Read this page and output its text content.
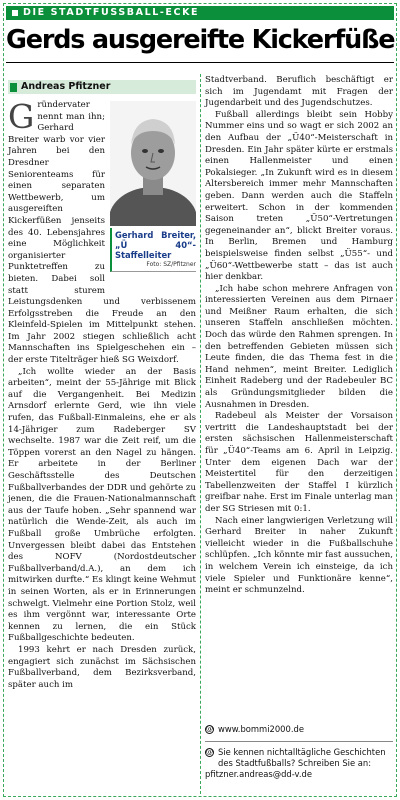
DIE STADTFUSSBALL-ECKE
Gerds ausgereifte Kickerfüße
Andreas Pfitzner
Gerhard Breiter, „Ü 40“-Staffelleiter
Foto: SZ/Pfitzner

Gründervater nennt man ihn; Gerhard Breiter warb vor vier Jahren bei den Dresdner Seniorenteams für einen separaten Wettbewerb, um ausgereiften Kickerfüßen jenseits des 40. Lebensjahres eine Möglichkeit organisierter Punktetreffen zu bieten. Dabei soll statt sturem Leistungsdenken und verbissenem Erfolgsstreben die Freude an den Kleinfeld-Spielen im Mittelpunkt stehen. Im Jahr 2002 stiegen schließlich acht Mannschaften ins Spielgeschehen ein – der erste Titelträger hieß SG Weixdorf.

„Ich wollte wieder an der Basis arbeiten“, meint der 55-Jährige mit Blick auf die Vergangenheit. Bei Medizin Arnsdorf erlernte Gerd, wie ihn viele rufen, das Fußball-Einmaleins, ehe er als 14-Jähriger zum Radeberger SV wechselte. 1987 war die Zeit reif, um die Töppen vorerst an den Nagel zu hängen. Er arbeitete in der Berliner Geschäftsstelle des Deutschen Fußballverbandes der DDR und gehörte zu jenen, die die Frauen-Nationalmannschaft aus der Taufe hoben. „Sehr spannend war natürlich die Wende-Zeit, als auch im Fußball große Umbrüche erfolgten. Unvergessen bleibt dabei das Entstehen des NOFV (Nordostdeutscher Fußballverband/d.A.), an dem ich mitwirken durfte.“ Es klingt keine Wehmut in seinen Worten, als er in Erinnerungen schwelgt. Vielmehr eine Portion Stolz, weil es ihm vergönnt war, interessante Orte kennen zu lernen, die ein Stück Fußballgeschichte bedeuten.

1993 kehrt er nach Dresden zurück, engagiert sich zunächst im Sächsischen Fußballverband, dem Bezirksverband, später auch im

Stadtverband. Beruflich beschäftigt er sich im Jugendamt mit Fragen der Jugendarbeit und des Jugendschutzes.

Fußball allerdings bleibt sein Hobby Nummer eins und so wagt er sich 2002 an den Aufbau der „Ü40“-Meisterschaft in Dresden. Ein Jahr später kürte er erstmals einen Hallenmeister und einen Pokalsieger. „In Zukunft wird es in diesem Altersbereich immer mehr Mannschaften geben. Dann werden auch die Staffeln erweitert. Schon in der kommenden Saison treten „Ü50“-Vertretungen gegeneinander an“, blickt Breiter voraus. In Berlin, Bremen und Hamburg beispielsweise finden selbst „Ü55“- und „Ü60“-Wettbewerbe statt – das ist auch hier denkbar.

„Ich habe schon mehrere Anfragen von interessierten Vereinen aus dem Pirnaer und Meißner Raum erhalten, die sich unseren Staffeln anschließen möchten. Doch das würde den Rahmen sprengen. In den betreffenden Gebieten müssen sich Leute finden, die das Thema fest in die Hand nehmen“, meint Breiter. Lediglich Einheit Radeberg und der Radebeuler BC als Gründungsmitglieder bilden die Ausnahmen in Dresden.

Radebeul als Meister der Vorsaison vertritt die Landeshauptstadt bei der ersten sächsischen Hallenmeisterschaft für „Ü40“-Teams am 6. April in Leipzig. Unter dem eigenen Dach war der Meistertitel für den derzeitigen Tabellenzweiten der Staffel I kürzlich greifbar nahe. Erst im Finale unterlag man der SG Striesen mit 0:1.

Nach einer langwierigen Verletzung will Gerhard Breiter in naher Zukunft vielleicht wieder in die Fußballschuhe schlüpfen. „Ich könnte mir fast aussuchen, in welchem Verein ich einsteige, da ich viele Spieler und Funktionäre kenne“, meint er schmunzelnd.

@ www.bommi2000.de
@ Sie kennen nichtalltägliche Geschichten des Stadtfußballs? Schreiben Sie an:
pfitzner.andreas@dd-v.de
